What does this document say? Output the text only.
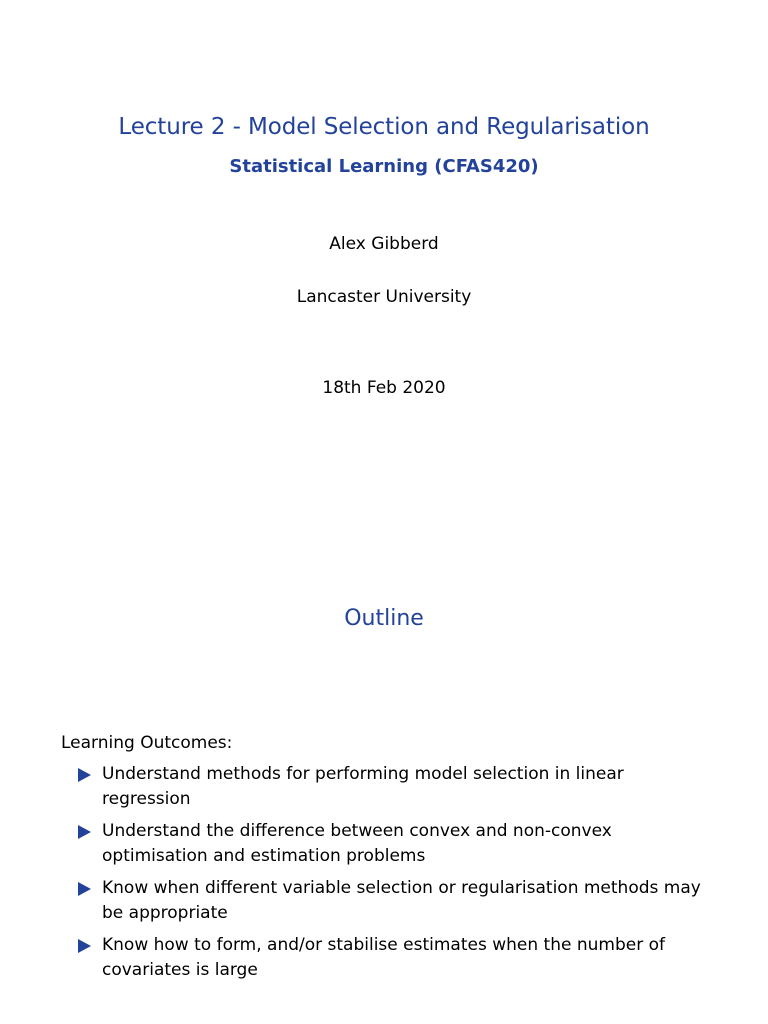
Lecture 2 - Model Selection and Regularisation
Statistical Learning (CFAS420)
Alex Gibberd
Lancaster University
18th Feb 2020
Outline
Learning Outcomes:
Understand methods for performing model selection in linear regression
Understand the difference between convex and non-convex optimisation and estimation problems
Know when different variable selection or regularisation methods may be appropriate
Know how to form, and/or stabilise estimates when the number of covariates is large
